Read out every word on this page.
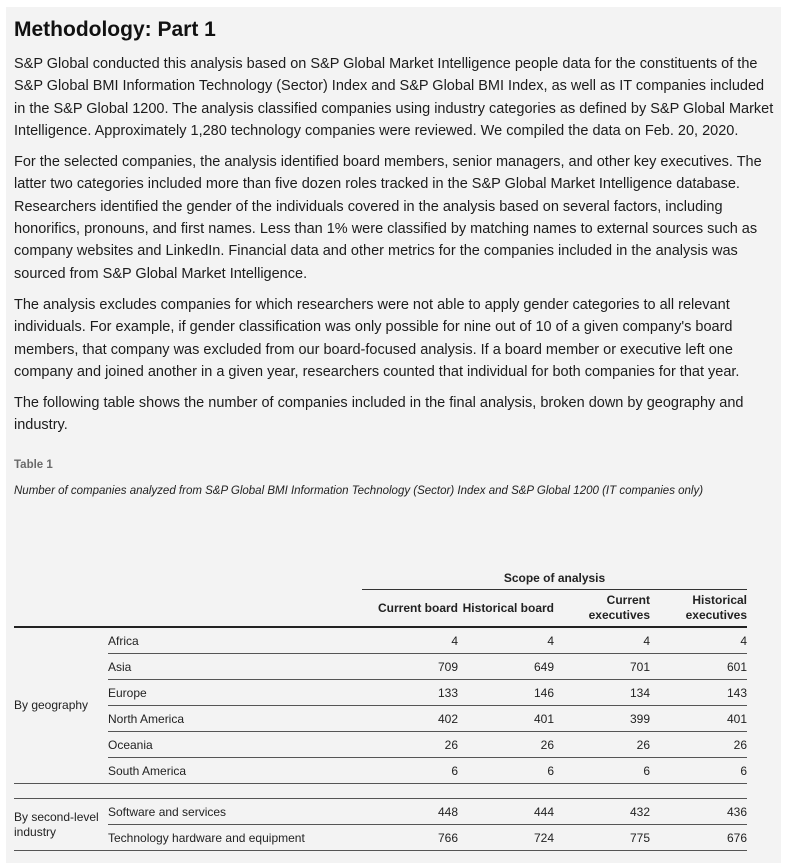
Methodology: Part 1

S&P Global conducted this analysis based on S&P Global Market Intelligence people data for the constituents of the S&P Global BMI Information Technology (Sector) Index and S&P Global BMI Index, as well as IT companies included in the S&P Global 1200. The analysis classified companies using industry categories as defined by S&P Global Market Intelligence. Approximately 1,280 technology companies were reviewed. We compiled the data on Feb. 20, 2020.

For the selected companies, the analysis identified board members, senior managers, and other key executives. The latter two categories included more than five dozen roles tracked in the S&P Global Market Intelligence database. Researchers identified the gender of the individuals covered in the analysis based on several factors, including honorifics, pronouns, and first names. Less than 1% were classified by matching names to external sources such as company websites and LinkedIn. Financial data and other metrics for the companies included in the analysis was sourced from S&P Global Market Intelligence.

The analysis excludes companies for which researchers were not able to apply gender categories to all relevant individuals. For example, if gender classification was only possible for nine out of 10 of a given company's board members, that company was excluded from our board-focused analysis. If a board member or executive left one company and joined another in a given year, researchers counted that individual for both companies for that year.

The following table shows the number of companies included in the final analysis, broken down by geography and industry.

Table 1
Number of companies analyzed from S&P Global BMI Information Technology (Sector) Index and S&P Global 1200 (IT companies only)
		Scope of analysis			
		Current board	Historical board	Current executives	Historical executives
By geography	Africa	4	4	4	4
	Asia	709	649	701	601
	Europe	133	146	134	143
	North America	402	401	399	401
	Oceania	26	26	26	26
	South America	6	6	6	6

By second-level industry	Software and services	448	444	432	436
	Technology hardware and equipment	766	724	775	676
